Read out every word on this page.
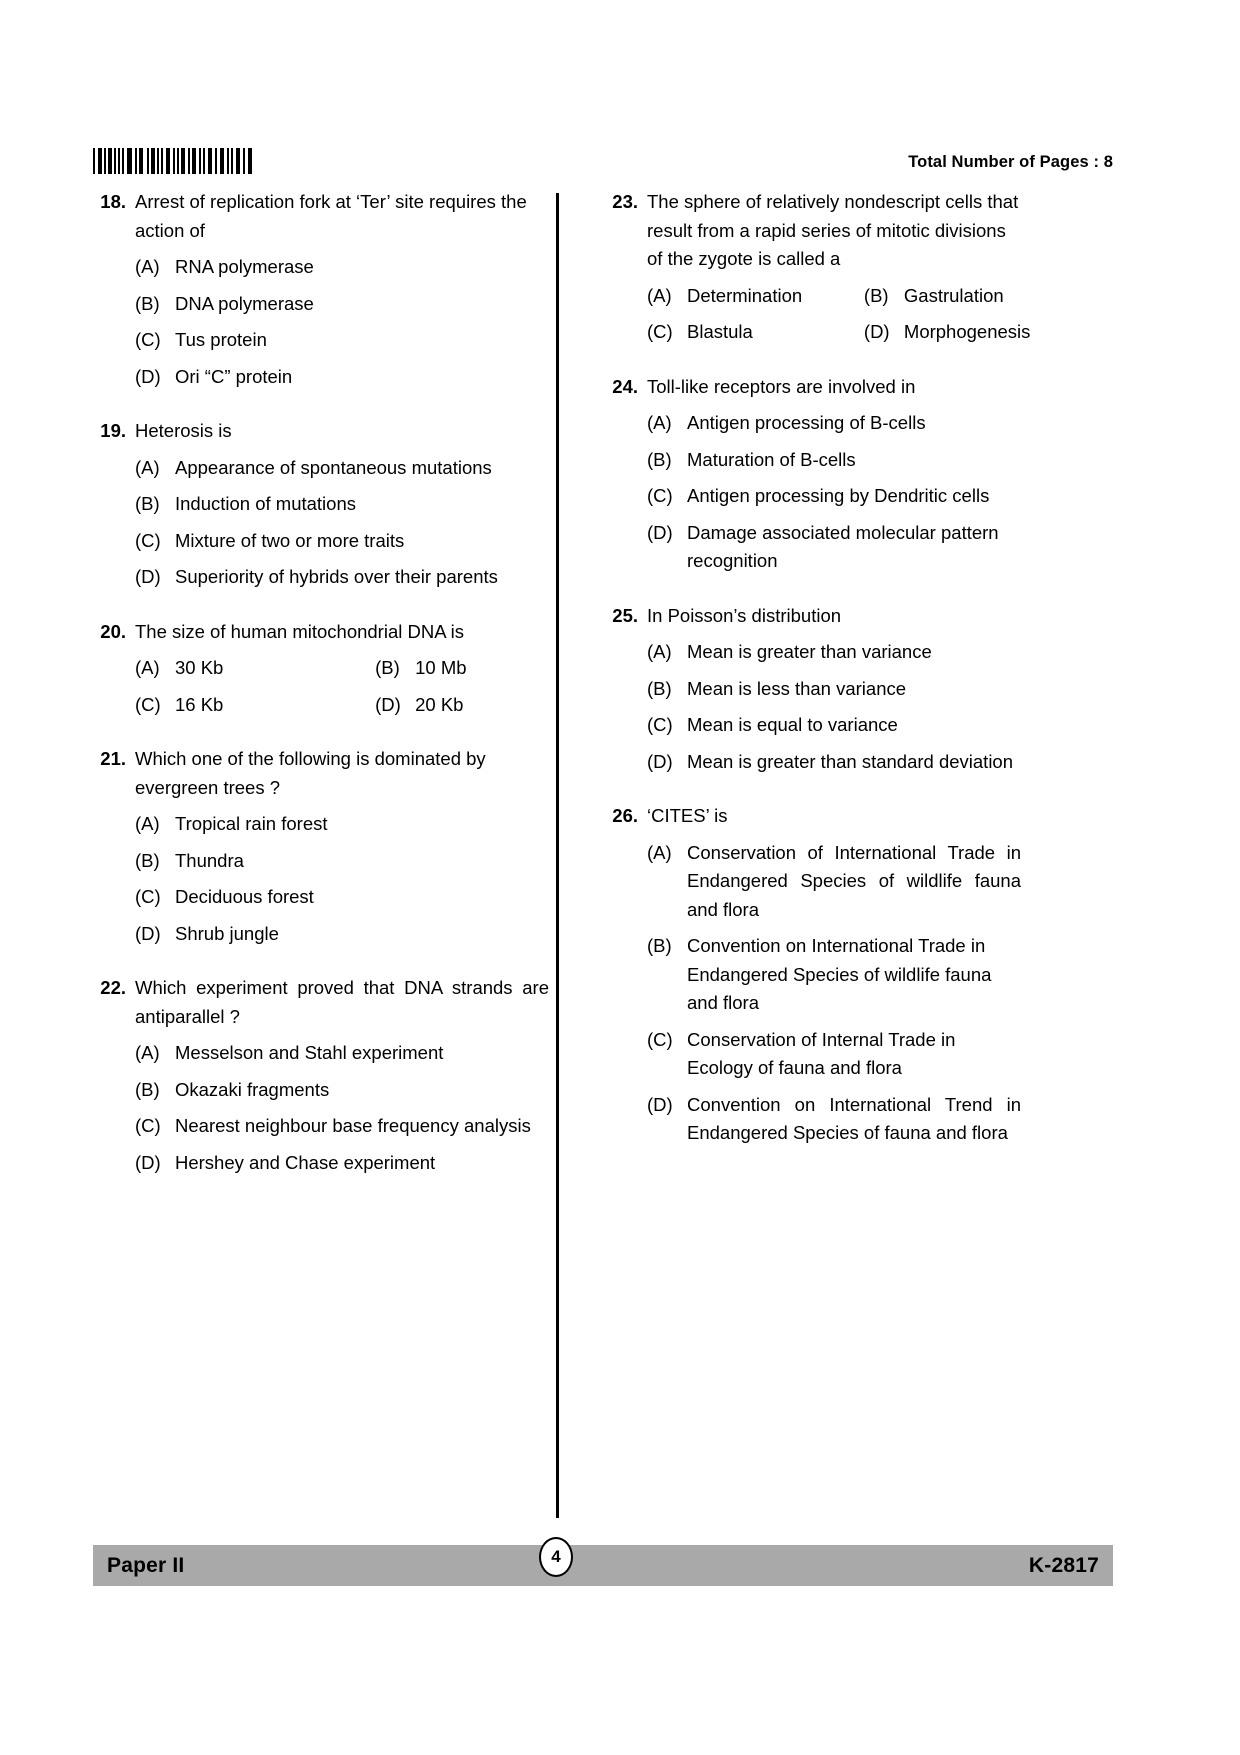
Total Number of Pages : 8
18. Arrest of replication fork at ‘Ter’ site requires the action of
(A) RNA polymerase
(B) DNA polymerase
(C) Tus protein
(D) Ori “C” protein
19. Heterosis is
(A) Appearance of spontaneous mutations
(B) Induction of mutations
(C) Mixture of two or more traits
(D) Superiority of hybrids over their parents
20. The size of human mitochondrial DNA is
(A) 30 Kb	(B) 10 Mb
(C) 16 Kb	(D) 20 Kb
21. Which one of the following is dominated by evergreen trees ?
(A) Tropical rain forest
(B) Thundra
(C) Deciduous forest
(D) Shrub jungle
22. Which experiment proved that DNA strands are antiparallel ?
(A) Messelson and Stahl experiment
(B) Okazaki fragments
(C) Nearest neighbour base frequency analysis
(D) Hershey and Chase experiment
23. The sphere of relatively nondescript cells that result from a rapid series of mitotic divisions of the zygote is called a
(A) Determination	(B) Gastrulation
(C) Blastula	(D) Morphogenesis
24. Toll-like receptors are involved in
(A) Antigen processing of B-cells
(B) Maturation of B-cells
(C) Antigen processing by Dendritic cells
(D) Damage associated molecular pattern recognition
25. In Poisson’s distribution
(A) Mean is greater than variance
(B) Mean is less than variance
(C) Mean is equal to variance
(D) Mean is greater than standard deviation
26. ‘CITES’ is
(A) Conservation of International Trade in Endangered Species of wildlife fauna and flora
(B) Convention on International Trade in Endangered Species of wildlife fauna and flora
(C) Conservation of Internal Trade in Ecology of fauna and flora
(D) Convention on International Trend in Endangered Species of fauna and flora
Paper II	K-2817
4
